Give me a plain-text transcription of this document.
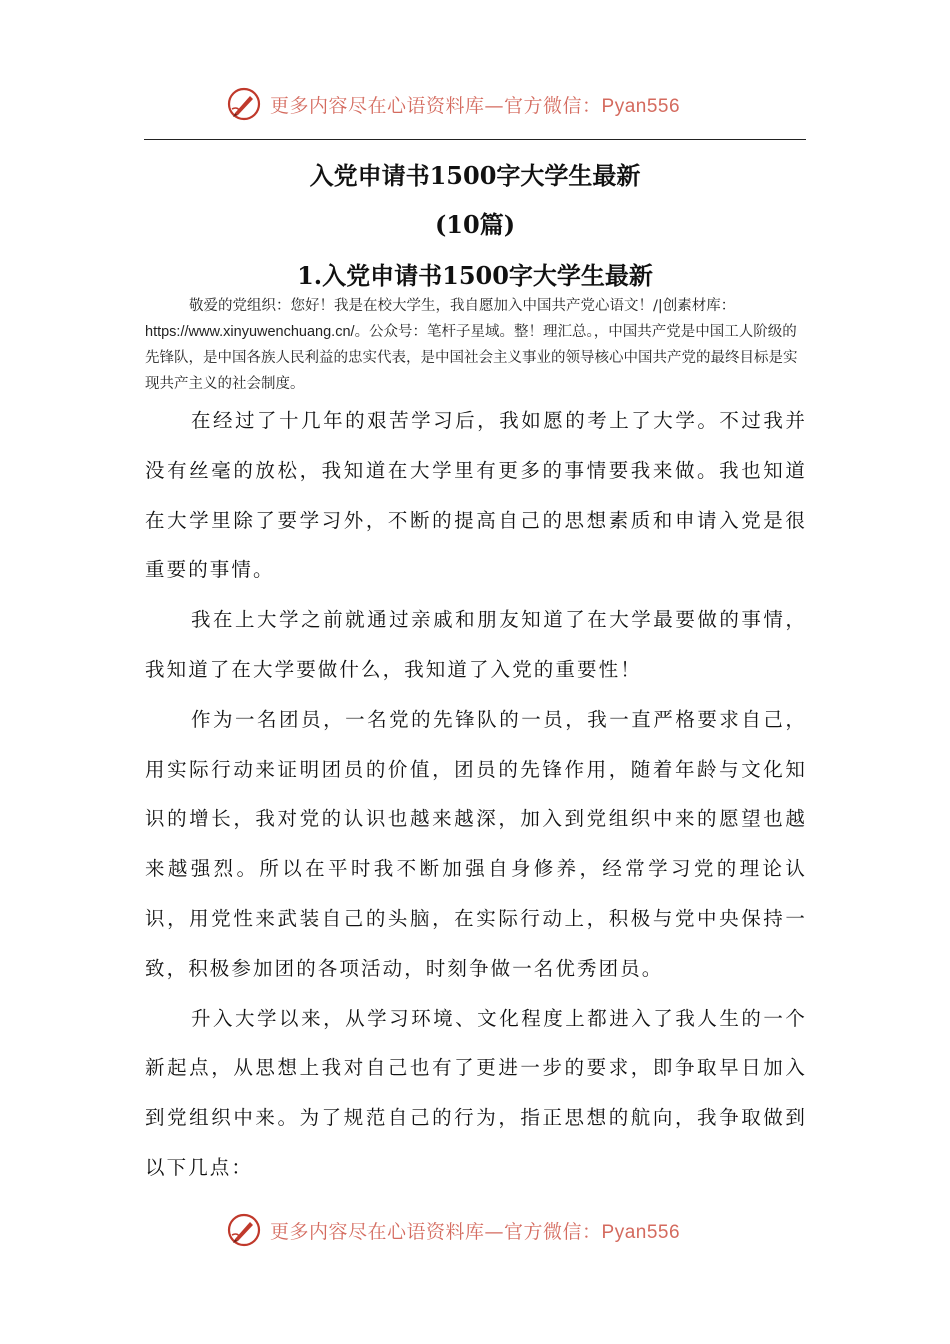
更多内容尽在心语资料库—官方微信：Pyan556
入党申请书1500字大学生最新
(10篇)
1.入党申请书1500字大学生最新
敬爱的党组织：您好！我是在校大学生，我自愿加入中国共产党心语文！/|创素材库：https://www.xinyuwenchuang.cn/。公众号：笔杆子星域。整！理汇总。，中国共产党是中国工人阶级的先锋队，是中国各族人民利益的忠实代表，是中国社会主义事业的领导核心中国共产党的最终目标是实现共产主义的社会制度。

在经过了十几年的艰苦学习后，我如愿的考上了大学。不过我并没有丝毫的放松，我知道在大学里有更多的事情要我来做。我也知道在大学里除了要学习外，不断的提高自己的思想素质和申请入党是很重要的事情。

我在上大学之前就通过亲戚和朋友知道了在大学最要做的事情，我知道了在大学要做什么，我知道了入党的重要性！

作为一名团员，一名党的先锋队的一员，我一直严格要求自己，用实际行动来证明团员的价值，团员的先锋作用，随着年龄与文化知识的增长，我对党的认识也越来越深，加入到党组织中来的愿望也越来越强烈。所以在平时我不断加强自身修养，经常学习党的理论认识，用党性来武装自己的头脑，在实际行动上，积极与党中央保持一致，积极参加团的各项活动，时刻争做一名优秀团员。

升入大学以来，从学习环境、文化程度上都进入了我人生的一个新起点，从思想上我对自己也有了更进一步的要求，即争取早日加入到党组织中来。为了规范自己的行为，指正思想的航向，我争取做到以下几点：

更多内容尽在心语资料库—官方微信：Pyan556
